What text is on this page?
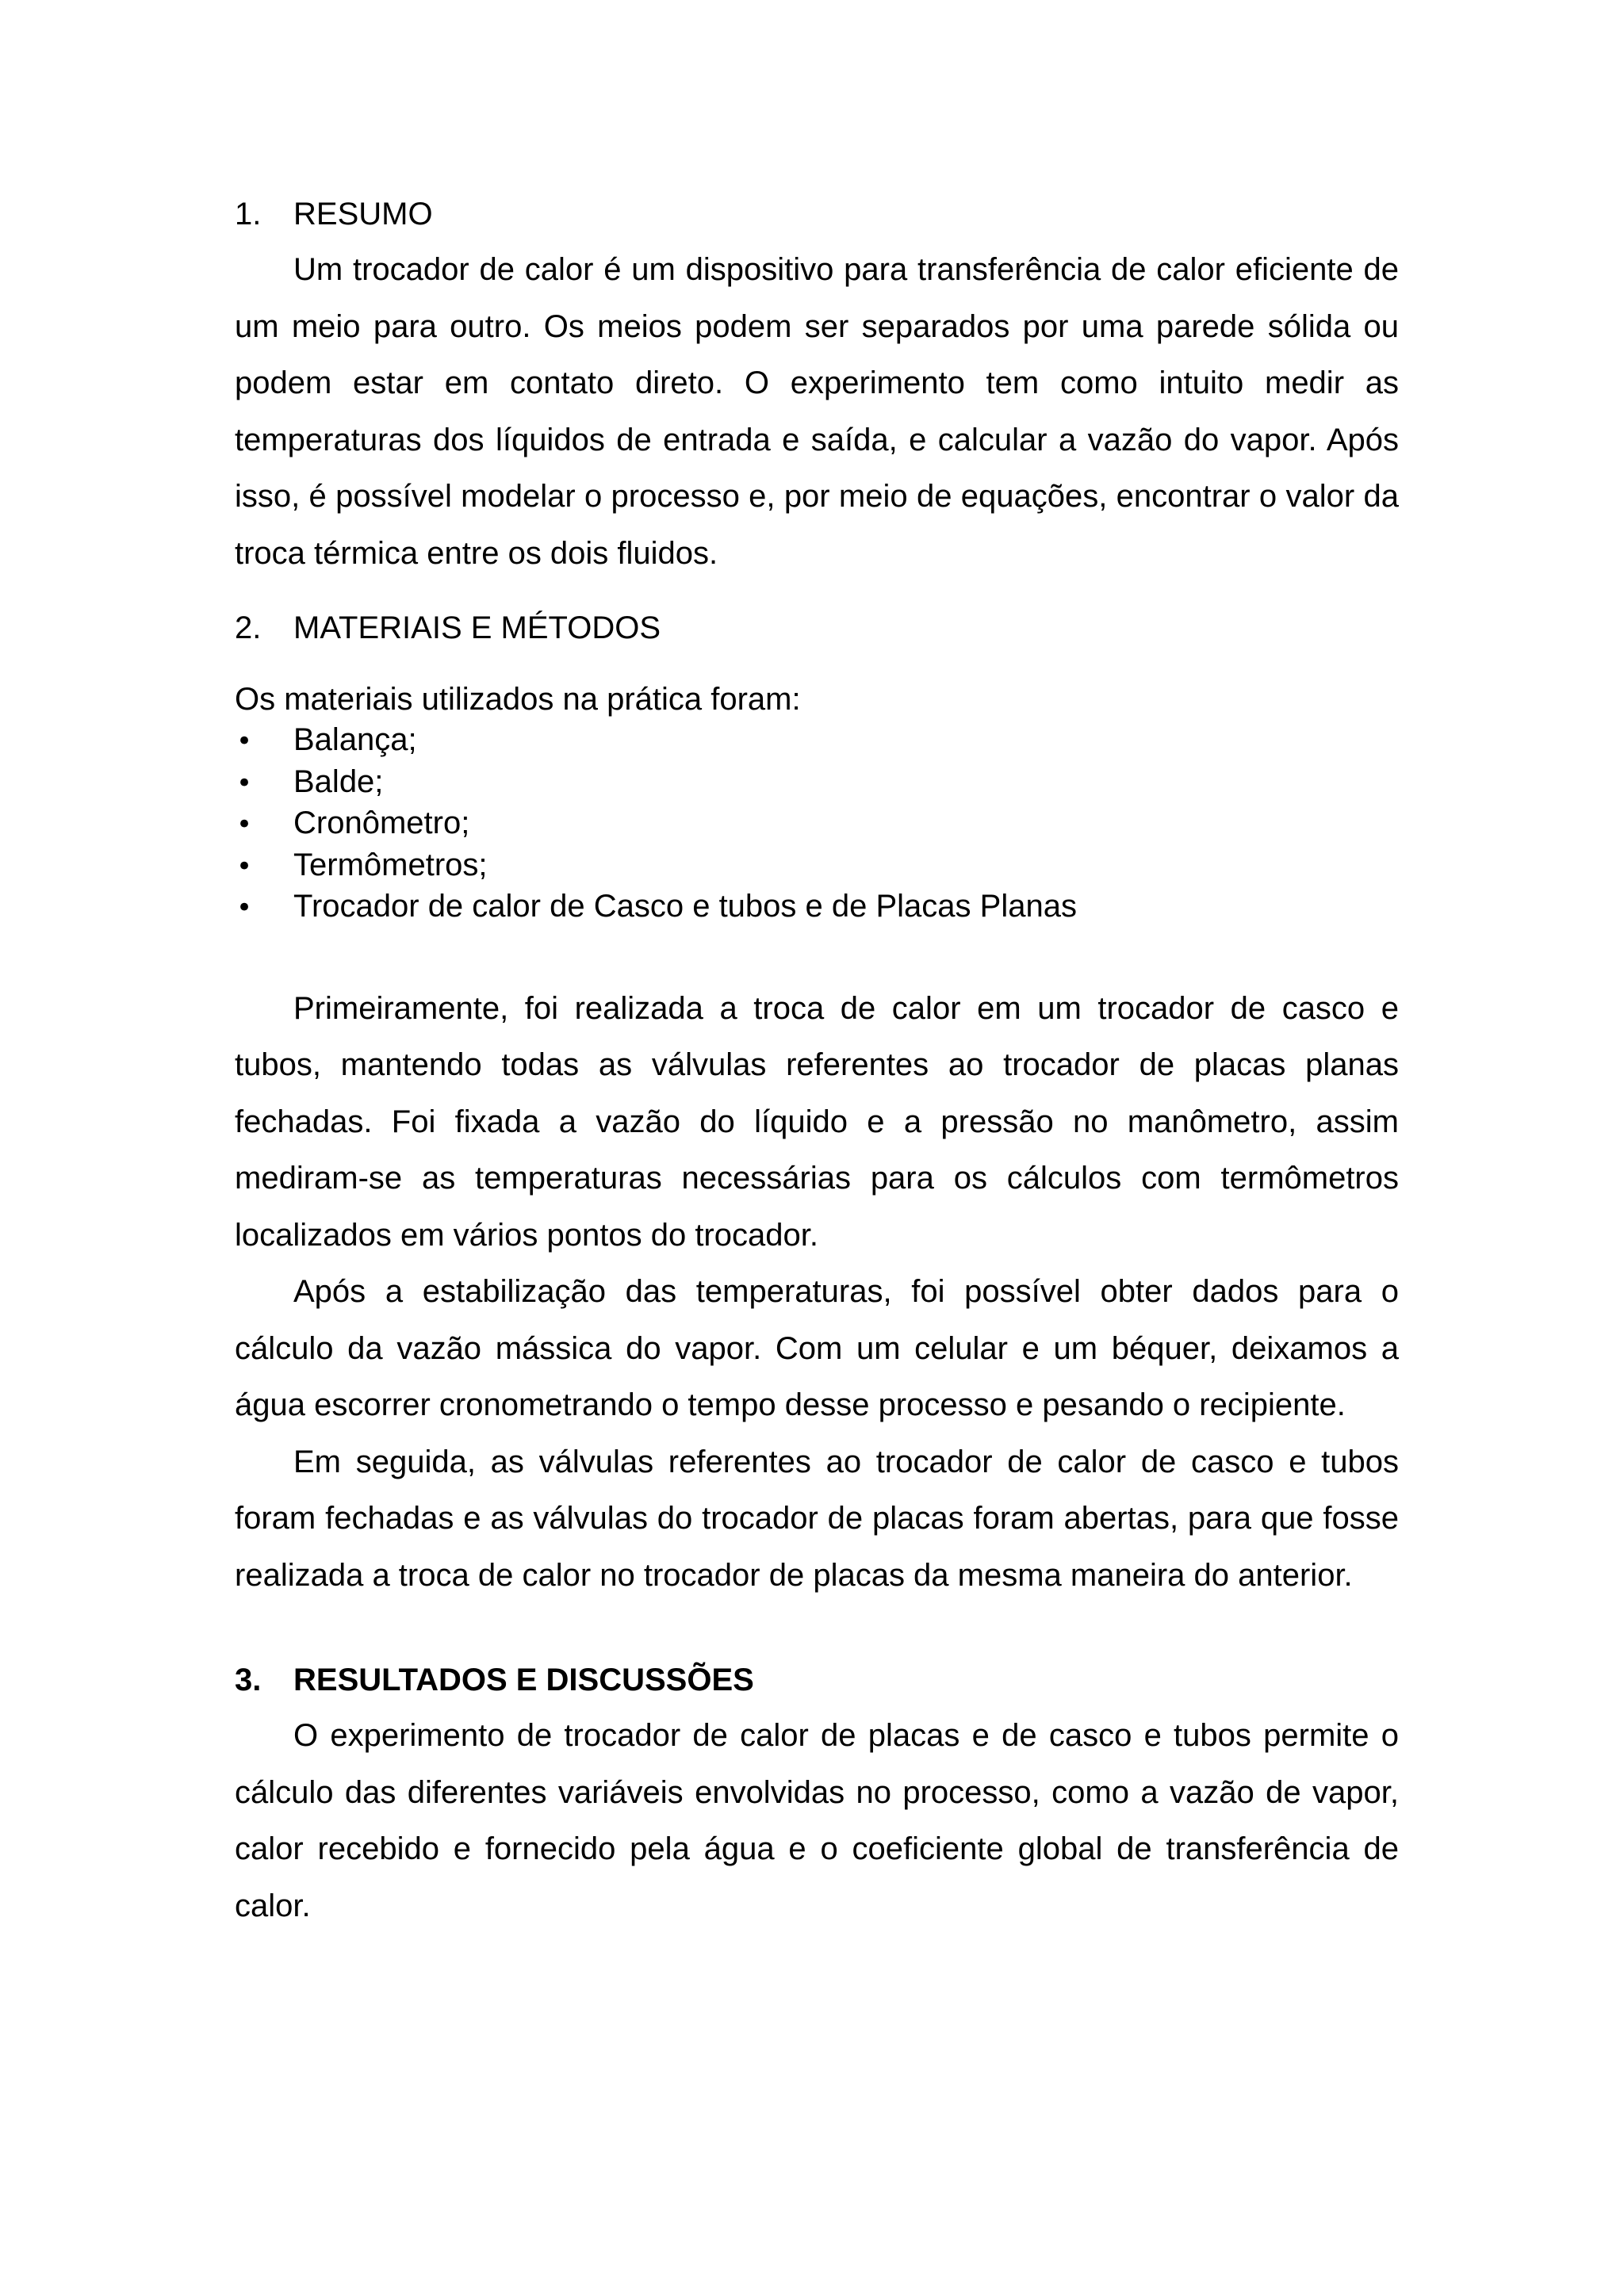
1.	RESUMO

Um trocador de calor é um dispositivo para transferência de calor eficiente de um meio para outro. Os meios podem ser separados por uma parede sólida ou podem estar em contato direto. O experimento tem como intuito medir as temperaturas dos líquidos de entrada e saída, e calcular a vazão do vapor. Após isso, é possível modelar o processo e, por meio de equações, encontrar o valor da troca térmica entre os dois fluidos.

2.	MATERIAIS E MÉTODOS

Os materiais utilizados na prática foram:

•	Balança;
•	Balde;
•	Cronômetro;
•	Termômetros;
•	Trocador de calor de Casco e tubos e de Placas Planas

Primeiramente, foi realizada a troca de calor em um trocador de casco e tubos, mantendo todas as válvulas referentes ao trocador de placas planas fechadas. Foi fixada a vazão do líquido e a pressão no manômetro, assim mediram-se as temperaturas necessárias para os cálculos com termômetros localizados em vários pontos do trocador.

Após a estabilização das temperaturas, foi possível obter dados para o cálculo da vazão mássica do vapor. Com um celular e um béquer, deixamos a água escorrer cronometrando o tempo desse processo e pesando o recipiente.

Em seguida, as válvulas referentes ao trocador de calor de casco e tubos foram fechadas e as válvulas do trocador de placas foram abertas, para que fosse realizada a troca de calor no trocador de placas da mesma maneira do anterior.

3.	RESULTADOS E DISCUSSÕES

O experimento de trocador de calor de placas e de casco e tubos permite o cálculo das diferentes variáveis envolvidas no processo, como a vazão de vapor, calor recebido e fornecido pela água e o coeficiente global de transferência de calor.
